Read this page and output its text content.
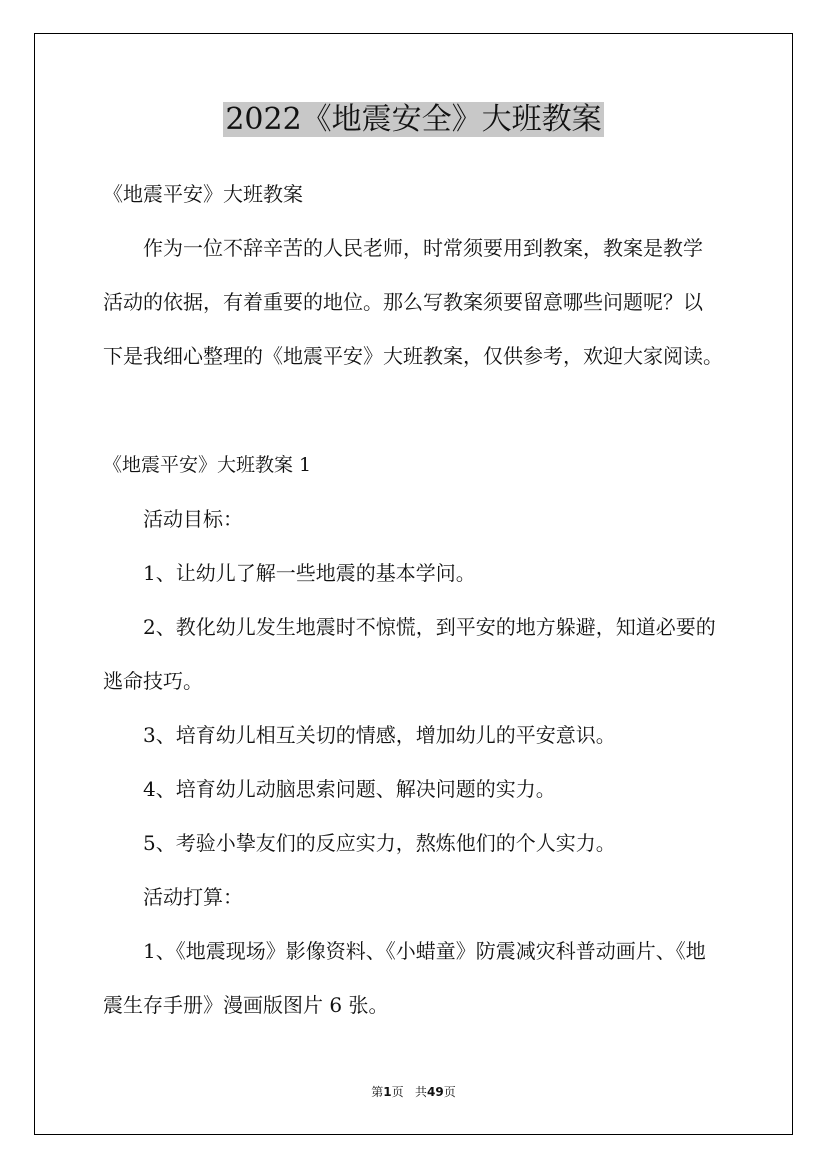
2022《地震安全》大班教案

《地震平安》大班教案

作为一位不辞辛苦的人民老师，时常须要用到教案，教案是教学

活动的依据，有着重要的地位。那么写教案须要留意哪些问题呢？以

下是我细心整理的《地震平安》大班教案，仅供参考，欢迎大家阅读。

《地震平安》大班教案 1

活动目标：

1、让幼儿了解一些地震的基本学问。

2、教化幼儿发生地震时不惊慌，到平安的地方躲避，知道必要的

逃命技巧。

3、培育幼儿相互关切的情感，增加幼儿的平安意识。

4、培育幼儿动脑思索问题、解决问题的实力。

5、考验小挚友们的反应实力，熬炼他们的个人实力。

活动打算：

1、《地震现场》影像资料、《小蜡童》防震减灾科普动画片、《地

震生存手册》漫画版图片 6 张。

第1页   共49页
